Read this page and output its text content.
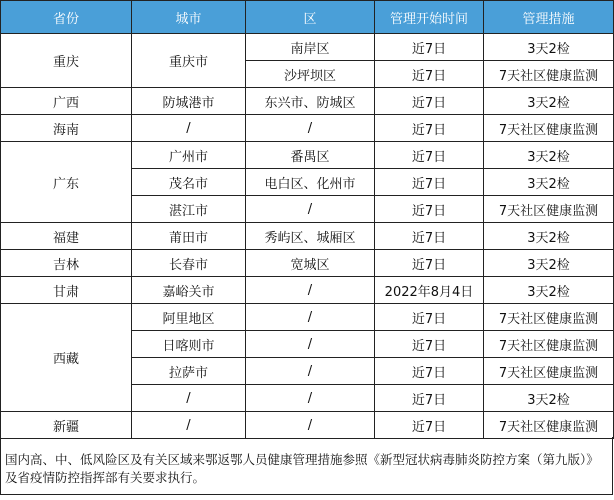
省份	城市	区	管理开始时间	管理措施
重庆	重庆市	南岸区	近7日	3天2检
		沙坪坝区	近7日	7天社区健康监测
广西	防城港市	东兴市、防城区	近7日	3天2检
海南	/	/	近7日	7天社区健康监测
广东	广州市	番禺区	近7日	3天2检
	茂名市	电白区、化州市	近7日	3天2检
	湛江市	/	近7日	7天社区健康监测
福建	莆田市	秀屿区、城厢区	近7日	3天2检
吉林	长春市	宽城区	近7日	3天2检
甘肃	嘉峪关市	/	2022年8月4日	3天2检
西藏	阿里地区	/	近7日	7天社区健康监测
	日喀则市	/	近7日	7天社区健康监测
	拉萨市	/	近7日	7天社区健康监测
	/	/	近7日	3天2检
新疆	/	/	近7日	7天社区健康监测
国内高、中、低风险区及有关区域来鄂返鄂人员健康管理措施参照《新型冠状病毒肺炎防控方案（第九版）》及省疫情防控指挥部有关要求执行。
